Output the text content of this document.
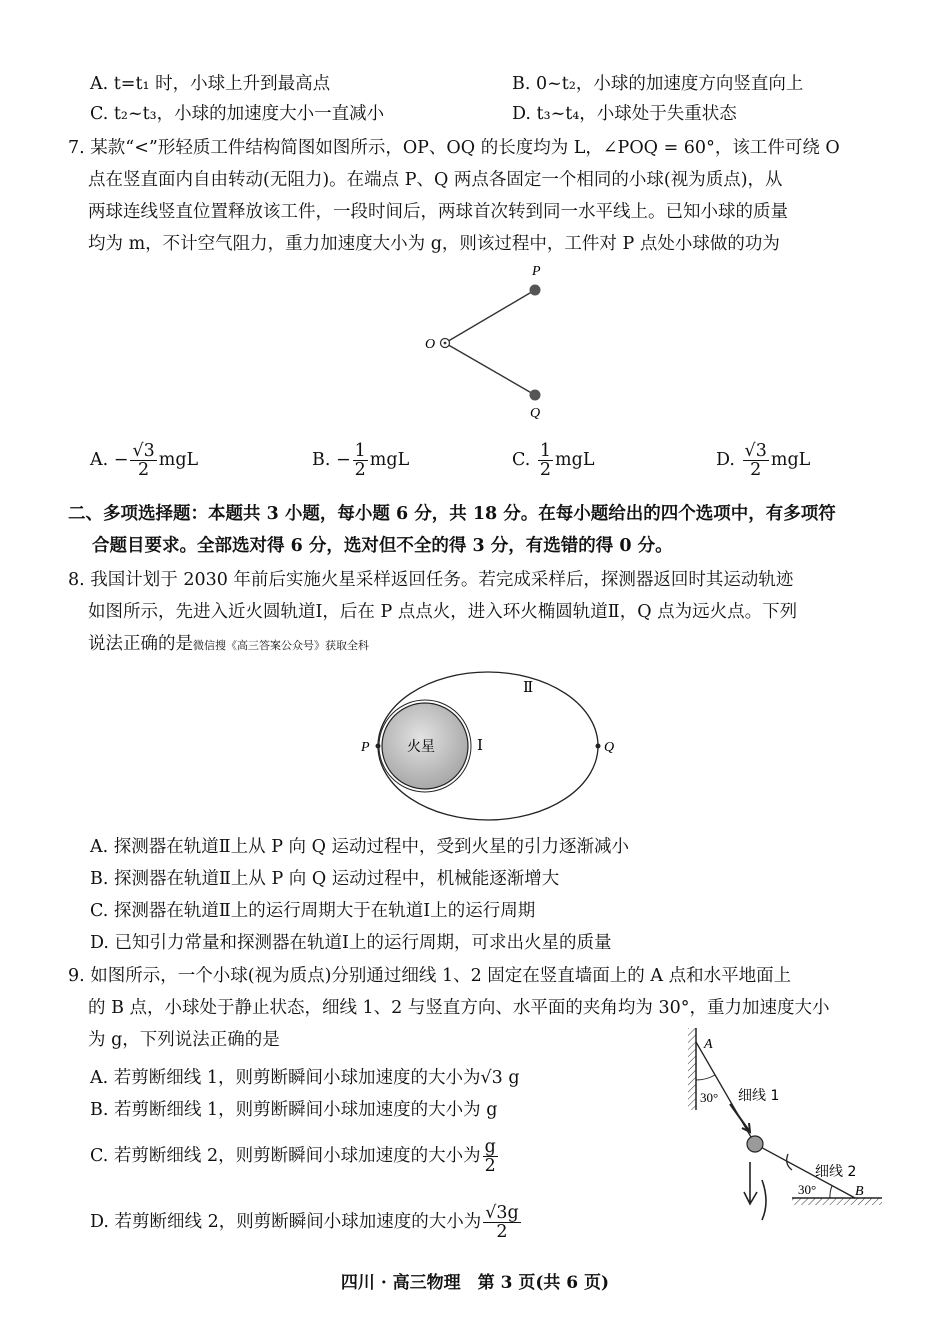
A. t=t₁ 时，小球上升到最高点	B. 0~t₂，小球的加速度方向竖直向上
C. t₂~t₃，小球的加速度大小一直减小	D. t₃~t₄，小球处于失重状态
7. 某款“<”形轻质工件结构简图如图所示，OP、OQ 的长度均为 L，∠POQ = 60°，该工件可绕 O
点在竖直面内自由转动(无阻力)。在端点 P、Q 两点各固定一个相同的小球(视为质点)，从
两球连线竖直位置释放该工件，一段时间后，两球首次转到同一水平线上。已知小球的质量
均为 m，不计空气阻力，重力加速度大小为 g，则该过程中，工件对 P 点处小球做的功为
P
O
Q
A. − $\frac{√3}{2}$ mgL	B. − $\frac{1}{2}$ mgL	C. $\frac{1}{2}$ mgL	D. $\frac{√3}{2}$ mgL
二、多项选择题：本题共 3 小题，每小题 6 分，共 18 分。在每小题给出的四个选项中，有多项符
合题目要求。全部选对得 6 分，选对但不全的得 3 分，有选错的得 0 分。
8. 我国计划于 2030 年前后实施火星采样返回任务。若完成采样后，探测器返回时其运动轨迹
如图所示，先进入近火圆轨道Ⅰ，后在 P 点点火，进入环火椭圆轨道Ⅱ，Q 点为远火点。下列
说法正确的是微信搜《高三答案公众号》获取全科
Ⅱ
Ⅰ
火星
P	Q
A. 探测器在轨道Ⅱ上从 P 向 Q 运动过程中，受到火星的引力逐渐减小
B. 探测器在轨道Ⅱ上从 P 向 Q 运动过程中，机械能逐渐增大
C. 探测器在轨道Ⅱ上的运行周期大于在轨道Ⅰ上的运行周期
D. 已知引力常量和探测器在轨道Ⅰ上的运行周期，可求出火星的质量
9. 如图所示，一个小球(视为质点)分别通过细线 1、2 固定在竖直墙面上的 A 点和水平地面上
的 B 点，小球处于静止状态，细线 1、2 与竖直方向、水平面的夹角均为 30°，重力加速度大小
为 g，下列说法正确的是
A. 若剪断细线 1，则剪断瞬间小球加速度的大小为√3 g
B. 若剪断细线 1，则剪断瞬间小球加速度的大小为 g
C. 若剪断细线 2，则剪断瞬间小球加速度的大小为 $\frac{g}{2}$
D. 若剪断细线 2，则剪断瞬间小球加速度的大小为 $\frac{√3g}{2}$
A
30° 细线 1
细线 2
30°	B
四川 · 高三物理　第 3 页(共 6 页)
